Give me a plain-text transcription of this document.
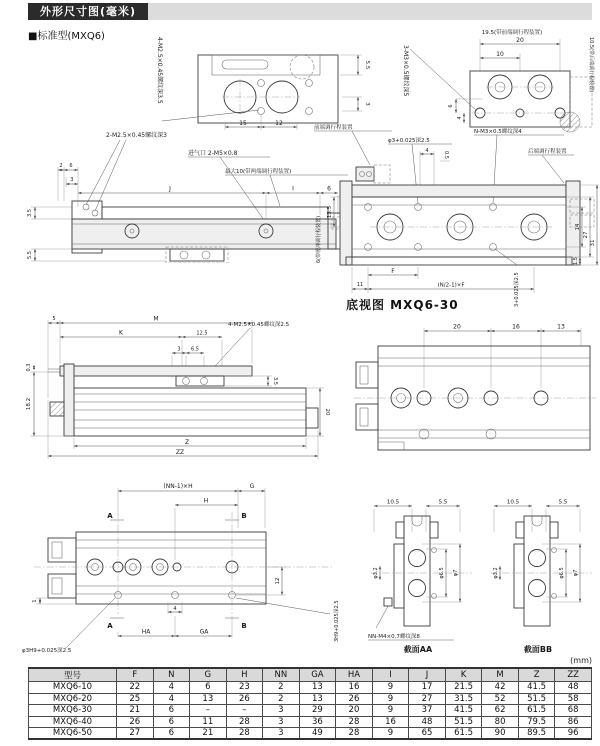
外形尺寸图(毫米)
■标准型(MXQ6)
4-M2.5×0.45螺纹深3.5	5.5
3
15	12
19.5(带前端调行程装置)
20
10
3-M3×0.5螺纹深5
6
4
10.5(带后端调行程装置)
2-M2.5×0.45螺纹深3
进气口 2-M5×0.8
最大10(带两端调行程装置)
2 6
3
J	I	6
3.5
5.5
前端调行程装置
φ3+0.025深2.5
N-M3×0.5螺纹深4
后端调行程装置
4
0.5
6(带缓冲调行程装置)
13.5
14
27
31
1.5
F
11	(N/2-1)×F	3+0.025深2.5
5	M
K	12.5
3 6.5
4-M2.5×0.45螺纹深2.5
0.3
18.2
3.5
20
Z
ZZ
底视图 MXQ6-30
20	16	13
(NN-1)×H	G
H
A	B
12
1
A	B
4
HA	GA
φ3H9+0.025深2.5
3H9+0.025深2.5
10.5	5.5
φ3.2	φ6.5 φ7
NN-M4×0.7螺纹深8
截面AA
10.5	5.5
φ3.2	φ6.5 φ7
截面BB
(mm)
型号	F	N	G	H	NN	GA	HA	I	J	K	M	Z	ZZ
MXQ6-10	22	4	6	23	2	13	16	9	17	21.5	42	41.5	48
MXQ6-20	25	4	13	26	2	13	26	9	27	31.5	52	51.5	58
MXQ6-30	21	6	–	–	3	29	20	9	37	41.5	62	61.5	68
MXQ6-40	26	6	11	28	3	36	28	16	48	51.5	80	79.5	86
MXQ6-50	27	6	21	28	3	49	28	9	65	61.5	90	89.5	96
